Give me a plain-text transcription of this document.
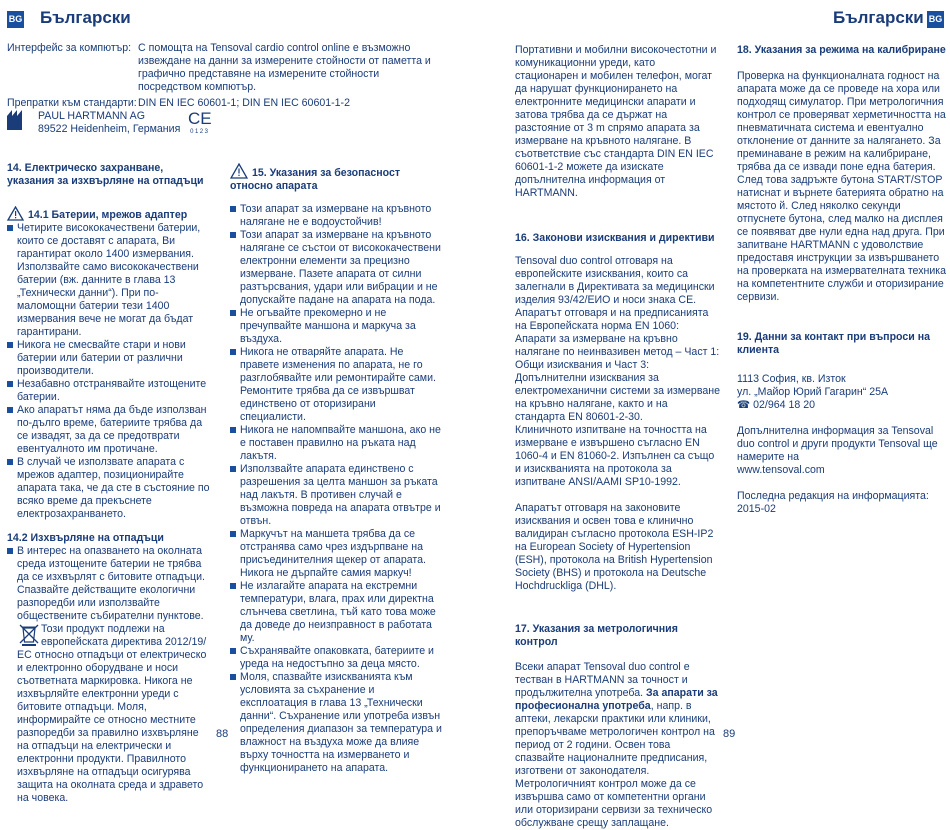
BG Български
Интерфейс за компютър: С помощта на Tensoval cardio control online е възможно извеждане на данни за измерените стойности от паметта и графично представяне на измерените стойности посредством компютър.
Препратки към стандарти: DIN EN IEC 60601-1; DIN EN IEC 60601-1-2
PAUL HARTMANN AG
89522 Heidenheim, Германия
CE
0123
14. Електрическо захранване, указания за изхвърляне на отпадъци
14.1 Батерии, мрежов адаптер
Четирите висококачествени батерии, които се доставят с апарата, Ви гарантират около 1400 измервания. Използвайте само висококачествени батерии (вж. данните в глава 13 „Технически данни“). При по-маломощни батерии тези 1400 измервания вече не могат да бъдат гарантирани.
Никога не смесвайте стари и нови батерии или батерии от различни производители.
Незабавно отстранявайте изтощените батерии.
Ако апаратът няма да бъде използван по-дълго време, батериите трябва да се извадят, за да се предотврати евентуалното им протичане.
В случай че използвате апарата с мрежов адаптер, позиционирайте апарата така, че да сте в състояние по всяко време да прекъснете електрозахранването.
14.2 Изхвърляне на отпадъци
В интерес на опазването на околната среда изтощените батерии не трябва да се изхвърлят с битовите отпадъци. Спазвайте действащите екологични разпоредби или използвайте обществените събирателни пунктове.
Този продукт подлежи на европейската директива 2012/19/ЕС относно отпадъци от електрическо и електронно оборудване и носи съответната маркировка. Никога не изхвърляйте електронни уреди с битовите отпадъци. Моля, информирайте се относно местните разпоредби за правилно изхвърляне на отпадъци на електрически и електронни продукти. Правилното изхвърляне на отпадъци осигурява защита на околната среда и здравето на човека.
15. Указания за безопасност
относно апарата
Този апарат за измерване на кръвното налягане не е водоустойчив!
Този апарат за измерване на кръвното налягане се състои от висококачествени електронни елементи за прецизно измерване. Пазете апарата от силни разтърсвания, удари или вибрации и не допускайте падане на апарата на пода.
Не огъвайте прекомерно и не пречупвайте маншона и маркуча за въздуха.
Никога не отваряйте апарата. Не правете изменения по апарата, не го разглобявайте или ремонтирайте сами. Ремонтите трябва да се извършват единствено от оторизирани специалисти.
Никога не напомпвайте маншона, ако не е поставен правилно на ръката над лакътя.
Използвайте апарата единствено с разрешения за целта маншон за ръката над лакътя. В противен случай е възможна повреда на апарата отвътре и отвън.
Маркучът на маншета трябва да се отстранява само чрез издърпване на присъединителния щекер от апарата. Никога не дърпайте самия маркуч!
Не излагайте апарата на екстремни температури, влага, прах или директна слънчева светлина, тъй като това може да доведе до неизправност в работата му.
Съхранявайте опаковката, батериите и уреда на недостъпно за деца място.
Моля, спазвайте изискванията към условията за съхранение и експлоатация в глава 13 „Технически данни“. Съхранение или употреба извън определения диапазон за температура и влажност на въздуха може да влияе върху точността на измерването и функционирането на апарата.
88
Български BG

Портативни и мобилни високочестотни и комуникационни уреди, като стационарен и мобилен телефон, могат да нарушат функционирането на електронните медицински апарати и затова трябва да се държат на разстояние от 3 m спрямо апарата за измерване на кръвното налягане. В съответствие със стандарта DIN EN IEC 60601-1-2 можете да изискате допълнителна информация от HARTMANN.

16. Законови изисквания и директиви

Tensoval duo control отговаря на европейските изисквания, които са залегнали в Директивата за медицински изделия 93/42/ЕИО и носи знака CE.

Апаратът отговаря и на предписанията на Европейската норма EN 1060:

Апарати за измерване на кръвно налягане по неинвазивен метод – Част 1: Общи изисквания и Част 3: Допълнителни изисквания за електромеханични системи за измерване на кръвно налягане, както и на стандарта EN 80601-2-30.

Клиничното изпитване на точността на измерване е извършено съгласно EN 1060-4 и EN 81060-2. Изпълнен са също и изискванията на протокола за изпитване ANSI/AAMI SP10-1992.

Апаратът отговаря на законовите изисквания и освен това е клинично валидиран съгласно протокола ESH-IP2 на European Society of Hypertension (ESH), протокола на British Hypertension Society (BHS) и протокола на Deutsche Hochdruckliga (DHL).

17. Указания за метрологичния контрол

Всеки апарат Tensoval duo control е тестван в HARTMANN за точност и продължителна употреба. За апарати за професионална употреба, напр. в аптеки, лекарски практики или клиники, препоръчваме метрологичен контрол на период от 2 години. Освен това спазвайте националните предписания, изготвени от законодателя. Метрологичният контрол може да се извършва само от компетентни органи или оторизирани сервизи за техническо обслужване срещу заплащане.

18. Указания за режима на калибриране

Проверка на функционалната годност на апарата може да се проведе на хора или подходящ симулатор. При метрологичния контрол се проверяват херметичността на пневматичната система и евентуално отклонение от данните за налягането. За преминаване в режим на калибриране, трябва да се извади поне една батерия. След това задръжте бутона START/STOP натиснат и върнете батерията обратно на мястото й. След няколко секунди отпуснете бутона, след малко на дисплея се появяват две нули една над друга. При запитване HARTMANN с удоволствие предоставя инструкции за извършването на проверката на измервателната техника на компетентните служби и оторизирание сервизи.

19. Данни за контакт при въпроси на клиента

1113 София, кв. Изток

ул. „Майор Юрий Гагарин“ 25А

☎ 02/964 18 20

Допълнителна информация за Tensoval duo control и други продукти Tensoval ще намерите на

www.tensoval.com

Последна редакция на информацията:

2015-02

89
